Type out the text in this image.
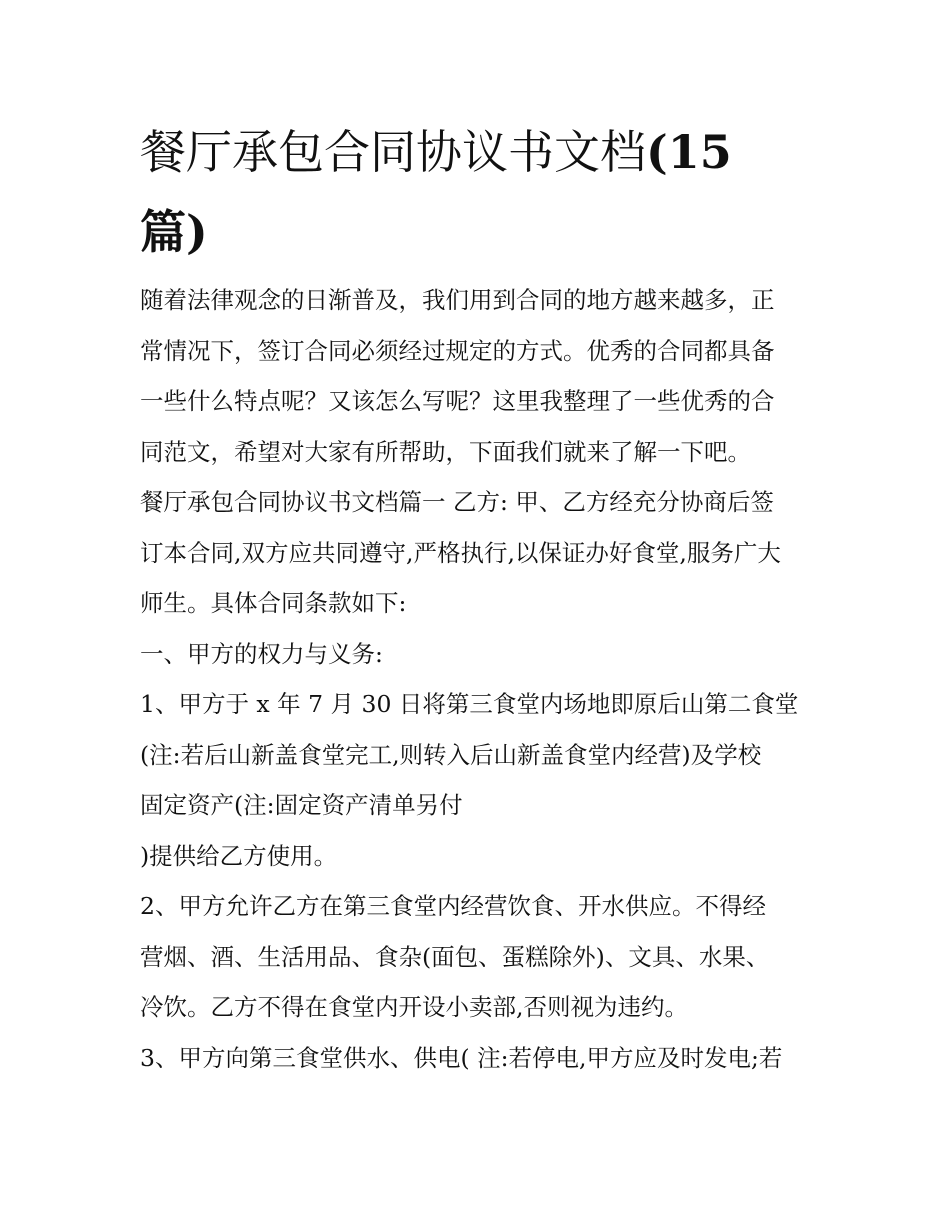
餐厅承包合同协议书文档(15
篇)
随着法律观念的日渐普及，我们用到合同的地方越来越多，正
常情况下，签订合同必须经过规定的方式。优秀的合同都具备
一些什么特点呢？又该怎么写呢？这里我整理了一些优秀的合
同范文，希望对大家有所帮助，下面我们就来了解一下吧。
餐厅承包合同协议书文档篇一 乙方: 甲、乙方经充分协商后签
订本合同,双方应共同遵守,严格执行,以保证办好食堂,服务广大
师生。具体合同条款如下:
一、甲方的权力与义务:
1、甲方于 x 年 7 月 30 日将第三食堂内场地即原后山第二食堂
(注:若后山新盖食堂完工,则转入后山新盖食堂内经营)及学校
固定资产(注:固定资产清单另付
)提供给乙方使用。
2、甲方允许乙方在第三食堂内经营饮食、开水供应。不得经
营烟、酒、生活用品、食杂(面包、蛋糕除外)、文具、水果、
冷饮。乙方不得在食堂内开设小卖部,否则视为违约。
3、甲方向第三食堂供水、供电( 注:若停电,甲方应及时发电;若
